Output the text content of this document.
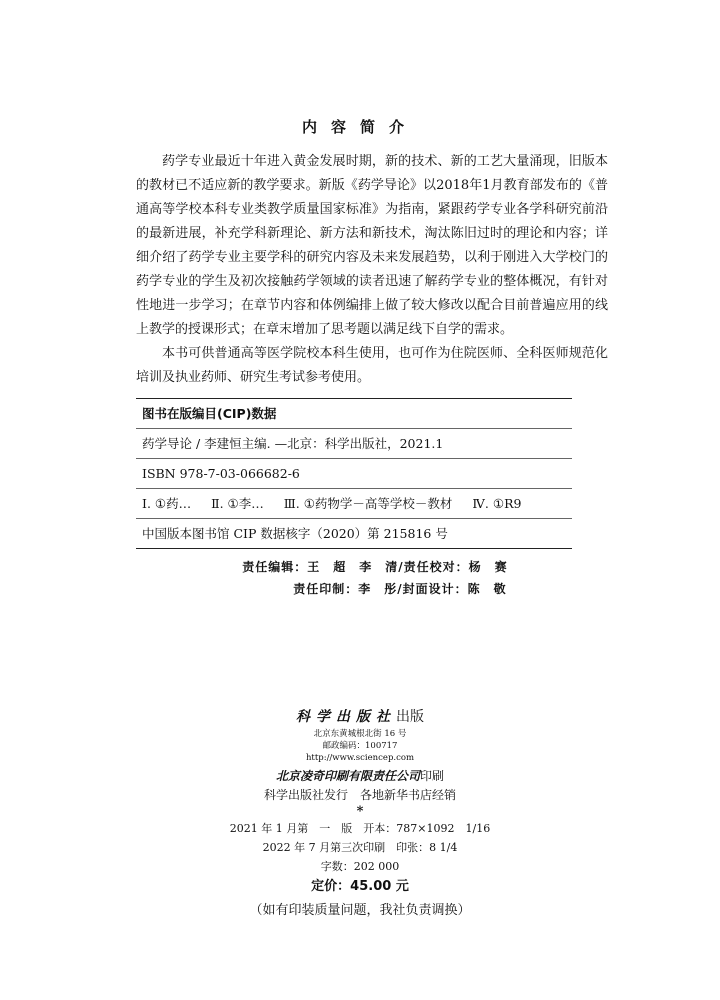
内容简介

药学专业最近十年进入黄金发展时期，新的技术、新的工艺大量涌现，旧版本的教材已不适应新的教学要求。新版《药学导论》以2018年1月教育部发布的《普通高等学校本科专业类教学质量国家标准》为指南，紧跟药学专业各学科研究前沿的最新进展，补充学科新理论、新方法和新技术，淘汰陈旧过时的理论和内容；详细介绍了药学专业主要学科的研究内容及未来发展趋势，以利于刚进入大学校门的药学专业的学生及初次接触药学领域的读者迅速了解药学专业的整体概况，有针对性地进一步学习；在章节内容和体例编排上做了较大修改以配合目前普遍应用的线上教学的授课形式；在章末增加了思考题以满足线下自学的需求。

本书可供普通高等医学院校本科生使用，也可作为住院医师、全科医师规范化培训及执业药师、研究生考试参考使用。

图书在版编目(CIP)数据
药学导论 / 李建恒主编. —北京：科学出版社，2021.1
ISBN 978-7-03-066682-6
Ⅰ. ①药… Ⅱ. ①李… Ⅲ. ①药物学－高等学校－教材 Ⅳ. ①R9
中国版本图书馆 CIP 数据核字（2020）第 215816 号
责任编辑：王　超　李　清/责任校对：杨　赛
责任印制：李　彤/封面设计：陈　敬
科学出版社出版
北京东黄城根北街 16 号
邮政编码：100717
http://www.sciencep.com
北京凌奇印刷有限责任公司印刷
科学出版社发行　各地新华书店经销
*
2021 年 1 月第　一　版　开本：787×1092　1/16
2022 年 7 月第三次印刷　印张：8 1/4
字数：202 000
定价：45.00 元
（如有印装质量问题，我社负责调换）
